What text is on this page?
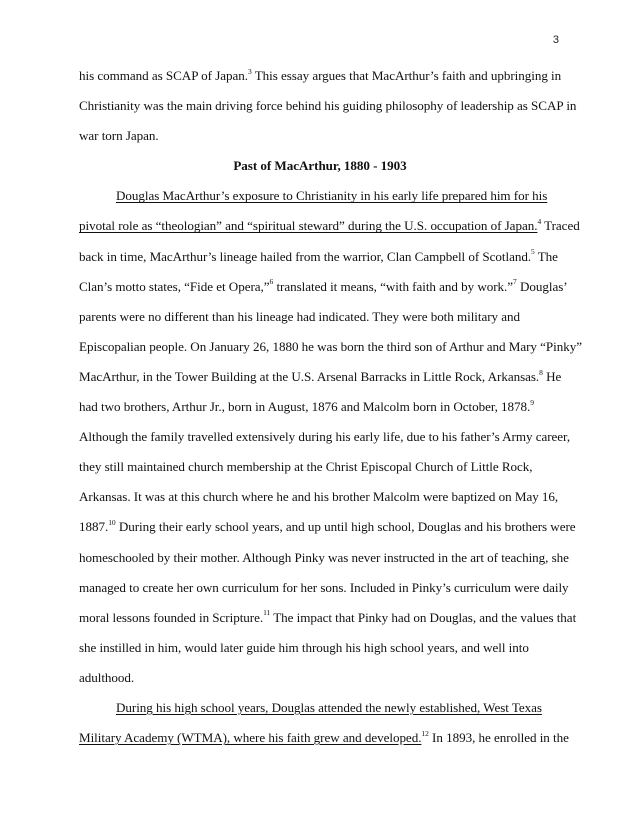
3
his command as SCAP of Japan.$^3$ This essay argues that MacArthur’s faith and upbringing in
Christianity was the main driving force behind his guiding philosophy of leadership as SCAP in
war torn Japan.
Past of MacArthur, 1880 - 1903
Douglas MacArthur’s exposure to Christianity in his early life prepared him for his
pivotal role as “theologian” and “spiritual steward” during the U.S. occupation of Japan.$^4$ Traced
back in time, MacArthur’s lineage hailed from the warrior, Clan Campbell of Scotland.$^5$ The
Clan’s motto states, “Fide et Opera,”$^6$ translated it means, “with faith and by work.”$^7$ Douglas’
parents were no different than his lineage had indicated. They were both military and
Episcopalian people. On January 26, 1880 he was born the third son of Arthur and Mary “Pinky”
MacArthur, in the Tower Building at the U.S. Arsenal Barracks in Little Rock, Arkansas.$^8$ He
had two brothers, Arthur Jr., born in August, 1876 and Malcolm born in October, 1878.$^9$
Although the family travelled extensively during his early life, due to his father’s Army career,
they still maintained church membership at the Christ Episcopal Church of Little Rock,
Arkansas. It was at this church where he and his brother Malcolm were baptized on May 16,
1887.10 During their early school years, and up until high school, Douglas and his brothers were
homeschooled by their mother. Although Pinky was never instructed in the art of teaching, she
managed to create her own curriculum for her sons. Included in Pinky’s curriculum were daily
moral lessons founded in Scripture.$^{11}$ The impact that Pinky had on Douglas, and the values that
she instilled in him, would later guide him through his high school years, and well into
adulthood.
During his high school years, Douglas attended the newly established, West Texas
Military Academy (WTMA), where his faith grew and developed.$^{12}$ In 1893, he enrolled in the
